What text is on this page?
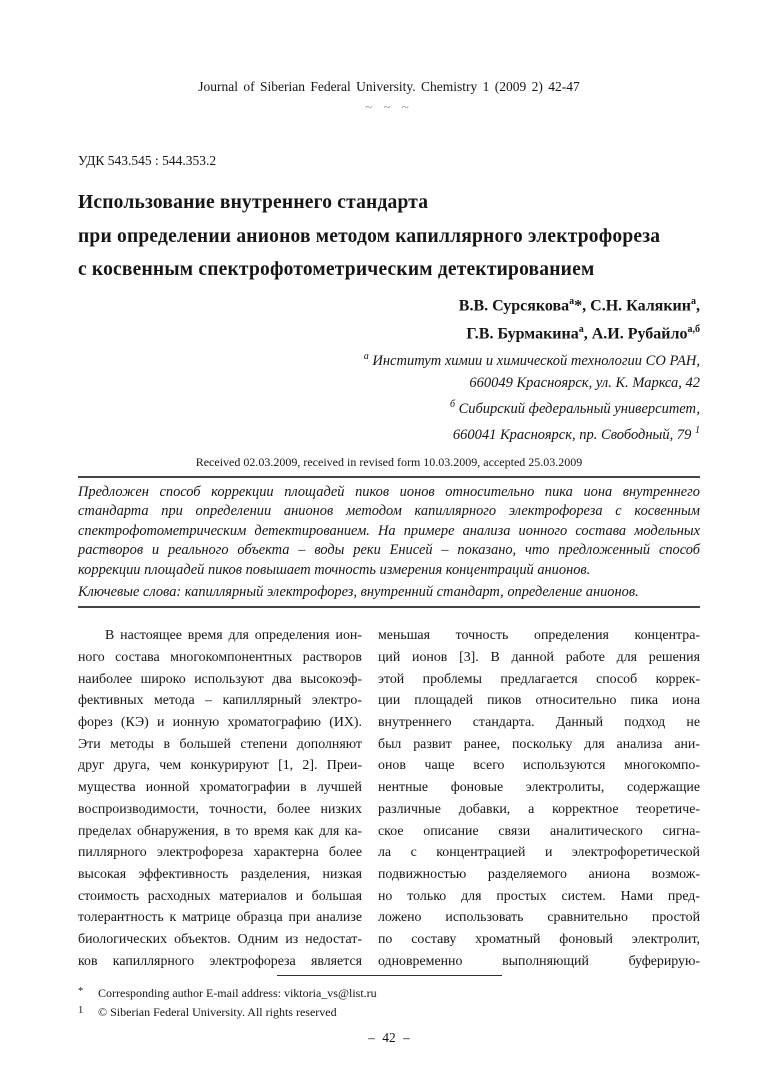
Journal of Siberian Federal University. Chemistry 1 (2009 2) 42-47
~ ~ ~
УДК 543.545 : 544.353.2
Использование внутреннего стандарта
при определении анионов методом капиллярного электрофореза
с косвенным спектрофотометрическим детектированием
В.В. Сурсякова$^а$*, С.Н. Калякин$^а$,
Г.В. Бурмакина$^а$, А.И. Рубайло$^{а,б}$
$^а$ Институт химии и химической технологии СО РАН,
660049 Красноярск, ул. К. Маркса, 42
$^б$ Сибирский федеральный университет,
660041 Красноярск, пр. Свободный, 79 $^1$
Received 02.03.2009, received in revised form 10.03.2009, accepted 25.03.2009
Предложен способ коррекции площадей пиков ионов относительно пика иона внутреннего
стандарта при определении анионов методом капиллярного электрофореза с косвенным
спектрофотометрическим детектированием. На примере анализа ионного состава модельных
растворов и реального объекта – воды реки Енисей – показано, что предложенный способ
коррекции площадей пиков повышает точность измерения концентраций анионов.
Ключевые слова: капиллярный электрофорез, внутренний стандарт, определение анионов.
В настоящее время для определения ион-
ного состава многокомпонентных растворов
наиболее широко используют два высокоэф-
фективных метода – капиллярный электро-
форез (КЭ) и ионную хроматографию (ИХ).
Эти методы в большей степени дополняют
друг друга, чем конкурируют [1, 2]. Преи-
мущества ионной хроматографии в лучшей
воспроизводимости, точности, более низких
пределах обнаружения, в то время как для ка-
пиллярного электрофореза характерна более
высокая эффективность разделения, низкая
стоимость расходных материалов и большая
толерантность к матрице образца при анализе
биологических объектов. Одним из недостат-
ков капиллярного электрофореза является
меньшая точность определения концентра-
ций ионов [3]. В данной работе для решения
этой проблемы предлагается способ коррек-
ции площадей пиков относительно пика иона
внутреннего стандарта. Данный подход не
был развит ранее, поскольку для анализа ани-
онов чаще всего используются многокомпо-
нентные фоновые электролиты, содержащие
различные добавки, а корректное теоретиче-
ское описание связи аналитического сигна-
ла с концентрацией и электрофоретической
подвижностью разделяемого аниона возмож-
но только для простых систем. Нами пред-
ложено использовать сравнительно простой
по составу хроматный фоновый электролит,
одновременно выполняющий буферирую-
*	Corresponding author E-mail address: viktoria_vs@list.ru
1	© Siberian Federal University. All rights reserved
– 42 –
